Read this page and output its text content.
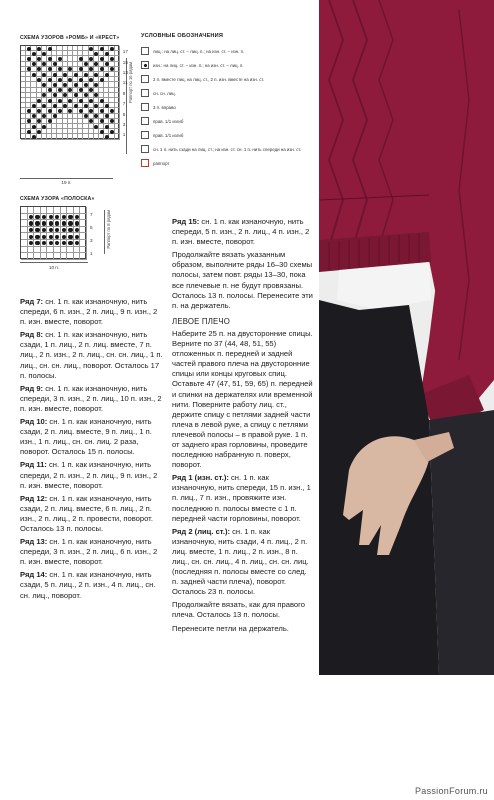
СХЕМА УЗОРОВ «РОМБ» И «КРЕСТ»
Раппорт по 16 рядам
19 п.
17
15
13
11
9
7
5
3
1
СХЕМА УЗОРА «ПОЛОСКА»
Раппорт по 8 рядам
10 п.
7
5
3
1
УСЛОВНЫЕ ОБОЗНАЧЕНИЯ
лиц.: на лиц. ст. – лиц. п.; на изн. ст. – изн. п.
изн.: на лиц. ст. – изн. п.; на изн. ст. – лиц. п.
2 п. вместе лиц. на лиц. ст., 2 п. изн. вместе на изн. ст.
сн. сн. лиц.
3 п. вправо
прав. 1/1 изгиб
прав. 1/1 изгиб
сн. 1 п. нить сзади на лиц. ст.; на изн. ст. сн. 1 п. нить спереди на изн. ст.
раппорт

Ряд 7: сн. 1 п. как изнаночную, нить спереди, 6 п. изн., 2 п. лиц., 9 п. изн., 2 п. изн. вместе, поворот.

Ряд 8: сн. 1 п. как изнаночную, нить сзади, 1 п. лиц., 2 п. лиц. вместе, 7 п. лиц., 2 п. изн., 2 п. лиц., сн. сн. лиц., 1 п. лиц., сн. сн. лиц., поворот. Осталось 17 п. полосы.

Ряд 9: сн. 1 п. как изнаночную, нить спереди, 3 п. изн., 2 п. лиц., 10 п. изн., 2 п. изн. вместе, поворот.

Ряд 10: сн. 1 п. как изнаночную, нить сзади, 2 п. лиц. вместе, 9 п. лиц., 1 п. изн., 1 п. лиц., сн. сн. лиц. 2 раза, поворот. Осталось 15 п. полосы.

Ряд 11: сн. 1 п. как изнаночную, нить спереди, 2 п. изн., 2 п. лиц., 9 п. изн., 2 п. изн. вместе, поворот.

Ряд 12: сн. 1 п. как изнаночную, нить сзади, 2 п. лиц. вместе, 6 п. лиц., 2 п. изн., 2 п. лиц., 2 п. провести, поворот. Осталось 13 п. полосы.

Ряд 13: сн. 1 п. как изнаночную, нить спереди, 3 п. изн., 2 п. лиц., 6 п. изн., 2 п. изн. вместе, поворот.

Ряд 14: сн. 1 п. как изнаночную, нить сзади, 5 п. лиц., 2 п. изн., 4 п. лиц., сн. сн. лиц., поворот.

Ряд 15: сн. 1 п. как изнаночную, нить спереди, 5 п. изн., 2 п. лиц., 4 п. изн., 2 п. изн. вместе, поворот.

Продолжайте вязать указанным образом, выполните ряды 16–30 схемы полосы, затем повт. ряды 13–30, пока все плечевые п. не будут провязаны. Осталось 13 п. полосы. Перенесите эти п. на держатель.

ЛЕВОЕ ПЛЕЧО

Наберите 25 п. на двусторонние спицы. Верните по 37 (44, 48, 51, 55) отложенных п. передней и задней частей правого плеча на двусторонние спицы или концы круговых спиц. Оставьте 47 (47, 51, 59, 65) п. передней и спинки на держателях или временной нити. Поверните работу лиц. ст., держите спицу с петлями задней части плеча в левой руке, а спицу с петлями плечевой полосы – в правой руке. 1 п. от заднего края горловины, проведите последнюю набранную п. поверх, поворот.

Ряд 1 (изн. ст.): сн. 1 п. как изнаночную, нить спереди, 15 п. изн., 1 п. лиц., 7 п. изн., провяжите изн. последнюю п. полосы вместе с 1 п. передней части горловины, поворот.

Ряд 2 (лиц. ст.): сн. 1 п. как изнаночную, нить сзади, 4 п. лиц., 2 п. лиц. вместе, 1 п. лиц., 2 п. изн., 8 п. лиц., сн. сн. лиц., 4 п. лиц., сн. сн. лиц. (последняя п. полосы вместе со след. п. задней части плеча), поворот. Осталось 23 п. полосы.

Продолжайте вязать, как для правого плеча. Осталось 13 п. полосы.

Перенесите петли на держатель.

PassionForum.ru
